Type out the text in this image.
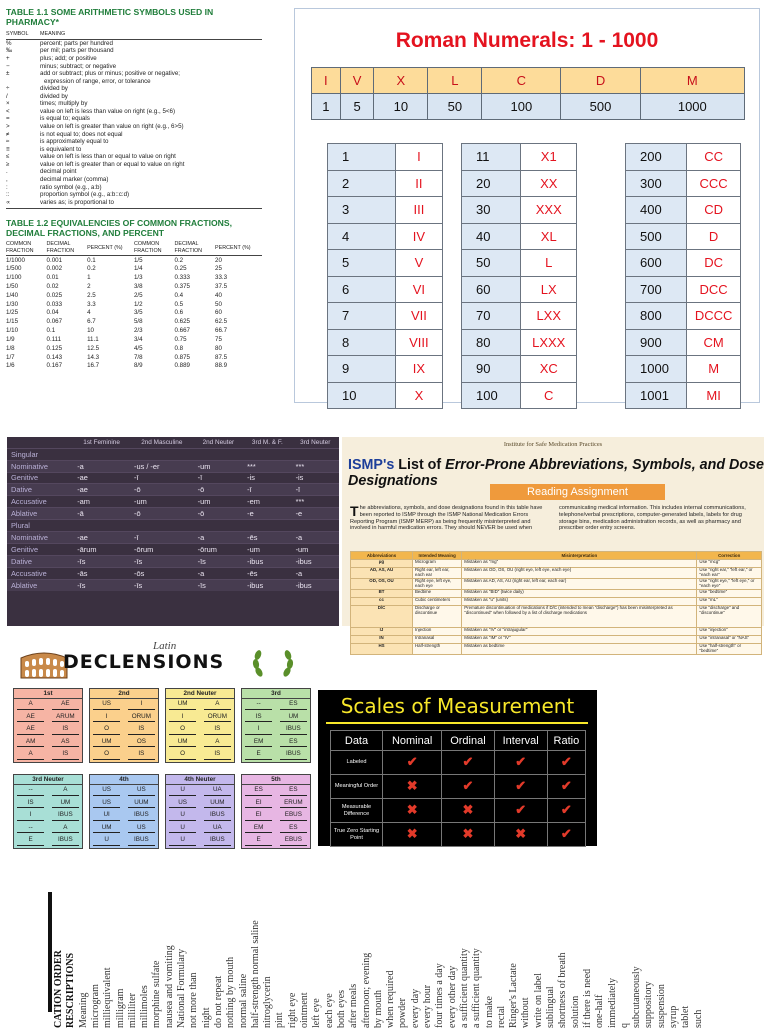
TABLE 1.1 SOME ARITHMETIC SYMBOLS USED IN PHARMACY*
SYMBOL	MEANING
%	percent; parts per hundred
‰	per mil; parts per thousand
+	plus; add; or positive
−	minus; subtract; or negative
±	add or subtract; plus or minus; positive or negative;
expression of range, error, or tolerance
÷	divided by
/	divided by
×	times; multiply by
<	value on left is less than value on right (e.g., 5<6)
=	is equal to; equals
>	value on left is greater than value on right (e.g., 6>5)
≠	is not equal to; does not equal
≈	is approximately equal to
≡	is equivalent to
≤	value on left is less than or equal to value on right
≥	value on left is greater than or equal to value on right
.	decimal point
,	decimal marker (comma)
:	ratio symbol (e.g., a:b)
::	proportion symbol (e.g., a:b::c:d)
∝	varies as; is proportional to
TABLE 1.2 EQUIVALENCIES OF COMMON FRACTIONS, DECIMAL FRACTIONS, AND PERCENT
COMMON FRACTION	DECIMAL FRACTION	PERCENT (%)	COMMON FRACTION	DECIMAL FRACTION	PERCENT (%)
1/1000	0.001	0.1	1/5	0.2	20
1/500	0.002	0.2	1/4	0.25	25
1/100	0.01	1	1/3	0.333	33.3
1/50	0.02	2	3/8	0.375	37.5
1/40	0.025	2.5	2/5	0.4	40
1/30	0.033	3.3	1/2	0.5	50
1/25	0.04	4	3/5	0.6	60
1/15	0.067	6.7	5/8	0.625	62.5
1/10	0.1	10	2/3	0.667	66.7
1/9	0.111	11.1	3/4	0.75	75
1/8	0.125	12.5	4/5	0.8	80
1/7	0.143	14.3	7/8	0.875	87.5
1/6	0.167	16.7	8/9	0.889	88.9
Roman Numerals: 1 - 1000
I	V	X	L	C	D	M
1	5	10	50	100	500	1000
1	I
2	II
3	III
4	IV
5	V
6	VI
7	VII
8	VIII
9	IX
10	X
11	X1
20	XX
30	XXX
40	XL
50	L
60	LX
70	LXX
80	LXXX
90	XC
100	C
200	CC
300	CCC
400	CD
500	D
600	DC
700	DCC
800	DCCC
900	CM
1000	M
1001	MI
	1st Feminine	2nd Masculine	2nd Neuter	3rd M. & F.	3rd Neuter
Singular					
Nominative	-a	-us / -er	-um	***	***
Genitive	-ae	-ī	-ī	-is	-is
Dative	-ae	-ō	-ō	-ī	-ī
Accusative	-am	-um	-um	-em	***
Ablative	-ā	-ō	-ō	-e	-e
Plural					
Nominative	-ae	-ī	-a	-ēs	-a
Genitive	-ārum	-ōrum	-ōrum	-um	-um
Dative	-īs	-īs	-īs	-ibus	-ibus
Accusative	-ās	-ōs	-a	-ēs	-a
Ablative	-īs	-īs	-īs	-ibus	-ibus
Institute for Safe Medication Practices
ISMP's List of Error-Prone Abbreviations, Symbols, and Dose Designations
Reading Assignment
The abbreviations, symbols, and dose designations found in this table have been reported to ISMP through the ISMP National Medication Errors Reporting Program (ISMP MERP) as being frequently misinterpreted and involved in harmful medication errors. They should NEVER be used when communicating medical information. This includes internal communications, telephone/verbal prescriptions, computer-generated labels, labels for drug storage bins, medication administration records, as well as pharmacy and prescriber order entry screens.
Abbreviations	Intended Meaning	Misinterpretation	Correction
µg	Microgram	Mistaken as "mg"	Use "mcg"
AD, AS, AU	Right ear, left ear, each ear	Mistaken as OD, OS, OU (right eye, left eye, each eye)	Use "right ear," "left ear," or "each ear"
OD, OS, OU	Right eye, left eye, each eye	Mistaken as AD, AS, AU (right ear, left ear, each ear)	Use "right eye," "left eye," or "each eye"
BT	Bedtime	Mistaken as "BID" (twice daily)	Use "bedtime"
cc	Cubic centimeters	Mistaken as "u" (units)	Use "mL"
D/C	Discharge or discontinue	Premature discontinuation of medications if D/C (intended to mean "discharge") has been misinterpreted as "discontinued" when followed by a list of discharge medications	Use "discharge" and "discontinue"
IJ	Injection	Mistaken as "IV" or "intrajugular"	Use "injection"
IN	Intranasal	Mistaken as "IM" or "IV"	Use "intranasal" or "NAS"
HS	Half-strength	Mistaken as bedtime	Use "half-strength" or "bedtime"
Latin
DECLENSIONS
1st
A	AE
AE	ARUM
AE	IS
AM	AS
A	IS
2nd
US	I
I	ORUM
O	IS
UM	OS
O	IS
2nd Neuter
UM	A
I	ORUM
O	IS
UM	A
O	IS
3rd
--	ES
IS	UM
I	IBUS
EM	ES
E	IBUS
3rd Neuter
--	A
IS	UM
I	IBUS
--	A
E	IBUS
4th
US	US
US	UUM
UI	IBUS
UM	US
U	IBUS
4th Neuter
U	UA
US	UUM
U	IBUS
U	UA
U	IBUS
5th
ES	ES
EI	ERUM
EI	EBUS
EM	ES
E	EBUS
Scales of Measurement
Data	Nominal	Ordinal	Interval	Ratio
Labeled	✔	✔	✔	✔
Meaningful Order	✖	✔	✔	✔
Measurable Difference	✖	✖	✔	✔
True Zero Starting Point	✖	✖	✖	✔
CATION ORDER RESCRIPTIONS Meaning microgram milliequivalent milligram milliliter millimoles morphine sulfate nausea and vomiting National Formulary not more than night do not repeat nothing by mouth normal saline half-strength normal saline nitroglycerin pint right eye ointment left eye each eye both eyes after meals afternoon; evening by mouth when required powder every day every hour four times a day every other day a sufficient quantity a sufficient quantity to make rectal Ringer's Lactate without write on label sublingual shortness of breath solution if there is need one-half immediately q subcutaneously suppository suspension syrup tablet such
